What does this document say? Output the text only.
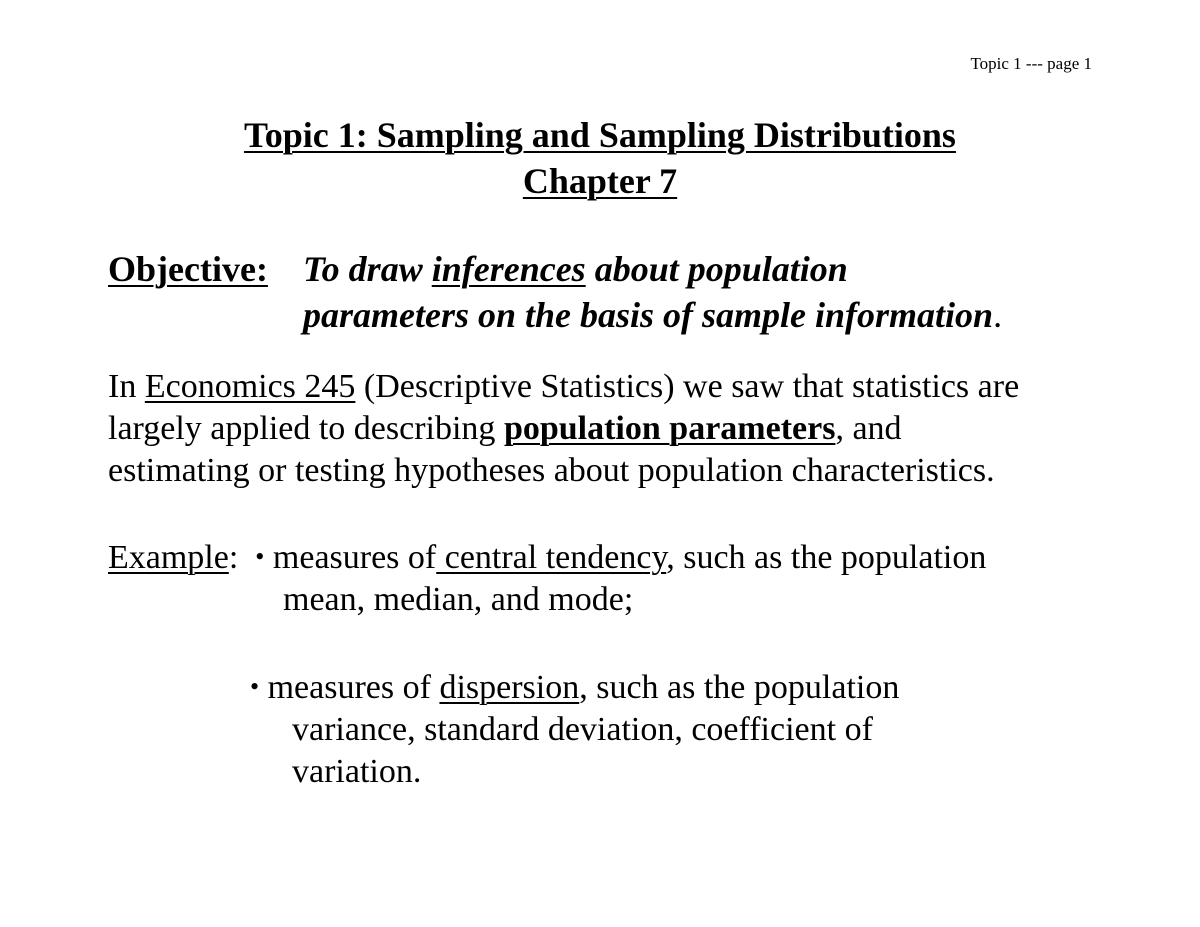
Topic 1 --- page 1
Topic 1: Sampling and Sampling Distributions
Chapter 7
Objective: To draw inferences about population
parameters on the basis of sample information.
In Economics 245 (Descriptive Statistics) we saw that statistics are
largely applied to describing population parameters, and
estimating or testing hypotheses about population characteristics.
Example: • measures of central tendency, such as the population
mean, median, and mode;
• measures of dispersion, such as the population
variance, standard deviation, coefficient of
variation.
